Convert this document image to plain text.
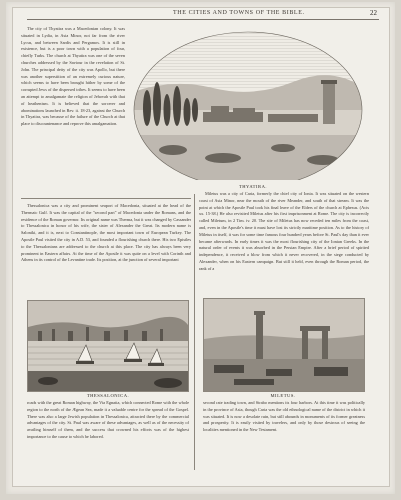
THE CITIES AND TOWNS OF THE BIBLE.	22

The city of Thyatira was a Macedonian colony. It was situated in Lydia, in Asia Minor, not far from the river Lycus, and between Sardis and Pergamos. It is still in existence, but is a poor town with a population of four, chiefly Turks. The church at Thyatira was one of the seven churches addressed by the Saviour in the revelation of St. John. The principal deity of the city was Apollo, but there was another superstition of an extremely curious nature, which seems to have been brought hither by some of the corrupted Jews of the dispersed tribes. It seems to have been an attempt to amalgamate the religion of Jehovah with that of heathenism. It is believed that the sorcerer and abominations launched in Rev. ii. 18-23, against the Church in Thyatira, was because of the failure of the Church at that place to discountenance and reprove this amalgamation.

THYATIRA.

Thessalonica was a city and prominent seaport of Macedonia, situated at the head of the Thermaic Gulf. It was the capital of the "second part" of Macedonia under the Romans, and the residence of the Roman governor. Its original name was Therma, but it was changed by Cassander to Thessalonica in honor of his wife, the sister of Alexander the Great. Its modern name is Saloniki, and it is, next to Constantinople, the most important town of European Turkey. The Apostle Paul visited the city in A.D. 53, and founded a flourishing church there. His two Epistles to the Thessalonians are addressed to the church at this place. The city has always been very prominent in Eastern affairs. At the time of the Apostle it was quite on a level with Corinth and Athens in its control of the Levantine trade. Its position, at the junction of several important

Miletus was a city of Caria, formerly the chief city of Ionia. It was situated on the western coast of Asia Minor, near the mouth of the river Meander, and south of that stream. It was the point at which the Apostle Paul took his final leave of the Elders of the church at Ephesus. (Acts xx. 15-38.) He also revisited Miletus after his first imprisonment at Rome. The city is incorrectly called Miletum, in 2 Tim. iv. 20. The site of Miletus has now receded ten miles from the coast, and, even in the Apostle's time it must have lost its strictly maritime position. As to the history of Miletus in itself, it was for some time famous four hundred years before St. Paul's day than it ever became afterwards. In early times it was the most flourishing city of the Ionian Greeks. In the natural order of events it was absorbed in the Persian Empire. After a brief period of spirited independence, it received a blow from which it never recovered, in the siege conducted by Alexander, when on his Eastern campaign. But still it held, even through the Roman period, the rank of a

THESSALONICA.	MILETUS.

roads with the great Roman highway, the Via Egnatia, which connected Rome with the whole region to the north of the Ægean Sea, made it a valuable centre for the spread of the Gospel. There was also a large Jewish population in Thessalonica, attracted there by the commercial advantages of the city. St. Paul was aware of these advantages, as well as of the necessity of availing himself of them, and the success that crowned his efforts was of the highest importance to the cause to which he labored.

second rate trading town, and Strabo mentions its four harbors. At this time it was politically in the province of Asia, though Caria was the old ethnological name of the district in which it was situated. It is now a desolate ruin, but still abounds in monuments of its former greatness and prosperity. It is easily visited by travelers, and only by those desirous of seeing the localities mentioned in the New Testament.
